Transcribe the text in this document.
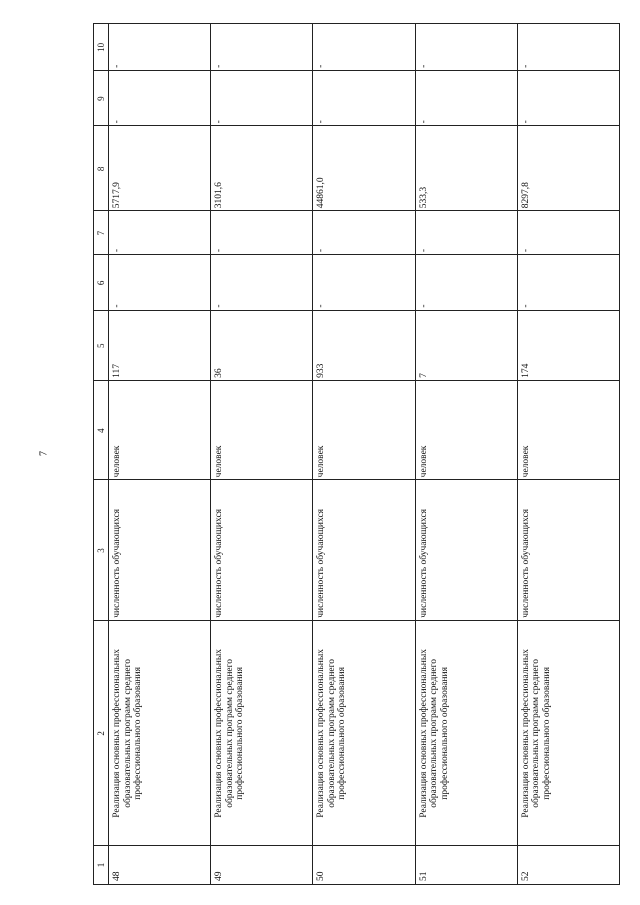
7
1
2
3
4
5
6
7
8
9
10
48
Реализация основных профессиональных образовательных программ среднего профессионального образования
численность обучающихся
человек
117
-
-
5717,9
-
-
49
Реализация основных профессиональных образовательных программ среднего профессионального образования
численность обучающихся
человек
36
-
-
3101,6
-
-
50
Реализация основных профессиональных образовательных программ среднего профессионального образования
численность обучающихся
человек
933
-
-
44861,0
-
-
51
Реализация основных профессиональных образовательных программ среднего профессионального образования
численность обучающихся
человек
7
-
-
533,3
-
-
52
Реализация основных профессиональных образовательных программ среднего профессионального образования
численность обучающихся
человек
174
-
-
8297,8
-
-
